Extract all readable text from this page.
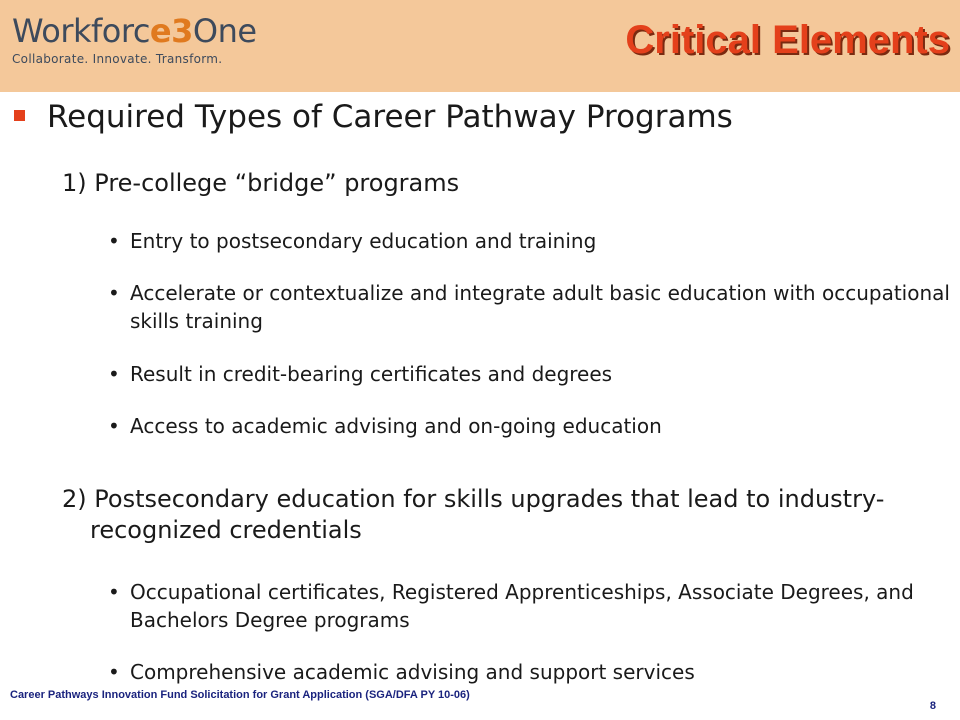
Workforce3One
Collaborate. Innovate. Transform.	Critical Elements

Required Types of Career Pathway Programs

1) Pre-college “bridge” programs

• Entry to postsecondary education and training

• Accelerate or contextualize and integrate adult basic education with occupational skills training

• Result in credit-bearing certificates and degrees

• Access to academic advising and on-going education

2) Postsecondary education for skills upgrades that lead to industry-recognized credentials

• Occupational certificates, Registered Apprenticeships, Associate Degrees, and Bachelors Degree programs

• Comprehensive academic advising and support services

Career Pathways Innovation Fund Solicitation for Grant Application (SGA/DFA PY 10-06)
8
